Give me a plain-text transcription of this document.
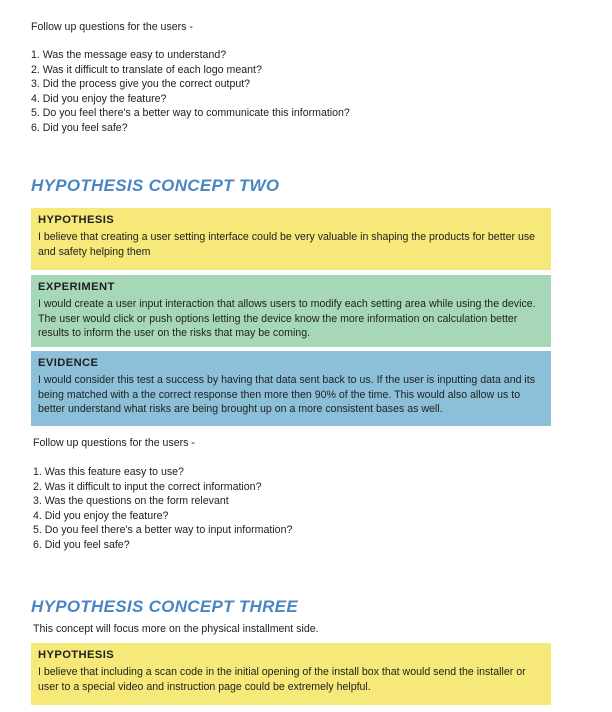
Follow up questions for the users -

1. Was the message easy to understand?
2. Was it difficult to translate of each logo meant?
3. Did the process give you the correct output?
4. Did you enjoy the feature?
5. Do you feel there's a better way to communicate this information?
6. Did you feel safe?
HYPOTHESIS CONCEPT TWO

HYPOTHESIS

I believe that creating a user setting interface could be very valuable in shaping the products for better use and safety helping them

EXPERIMENT

I would create a user input interaction that allows users to modify each setting area while using the device. The user would click or push options letting the device know the more information on calculation better results to inform the user on the risks that may be coming.

EVIDENCE

I would consider this test a success by having that data sent back to us. If the user is inputting data and its being matched with a the correct response then more then 90% of the time. This would also allow us to better understand what risks are being brought up on a more consistent bases as well.

Follow up questions for the users -

1. Was this feature easy to use?
2. Was it difficult to input the correct information?
3. Was the questions on the form relevant
4. Did you enjoy the feature?
5. Do you feel there's a better way to input information?
6. Did you feel safe?
HYPOTHESIS CONCEPT THREE

This concept will focus more on the physical installment side.

HYPOTHESIS

I believe that including a scan code in the initial opening of the install box that would send the installer or user to a special video and instruction page could be extremely helpful.
